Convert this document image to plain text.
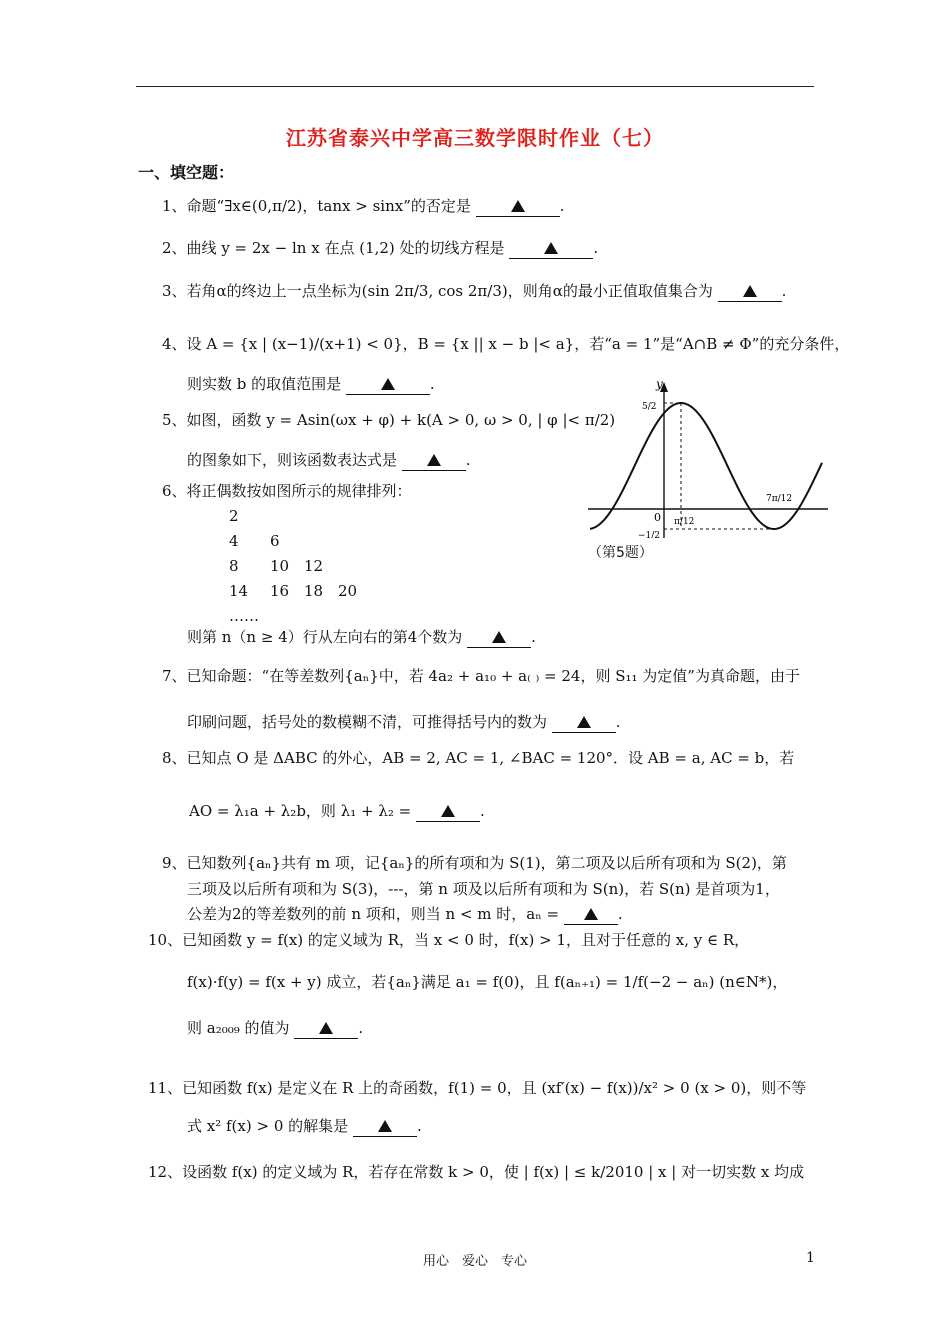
江苏省泰兴中学高三数学限时作业（七）
一、填空题：
1、命题“∃x∈(0,π/2)，tanx > sinx”的否定是	.
2、曲线 y = 2x − ln x 在点 (1,2) 处的切线方程是	.
3、若角α的终边上一点坐标为(sin 2π/3, cos 2π/3)，则角α的最小正值取值集合为	.
4、设 A = {x | (x−1)/(x+1) < 0}，B = {x || x − b |< a}，若“a = 1”是“A∩B ≠ Φ”的充分条件，
则实数 b 的取值范围是	.
5、如图，函数 y = Asin(ωx + φ) + k(A > 0, ω > 0, | φ |< π/2)
的图象如下，则该函数表达式是	.
y
0
5/2
−1/2
π/12
7π/12
（第5题）
6、将正偶数按如图所示的规律排列：
2
4 6
8 10 12
14 16 18 20
……
则第 n（n ≥ 4）行从左向右的第4个数为	.
7、已知命题：“在等差数列{aₙ}中，若 4a₂ + a₁₀ + a₍ ₎ = 24，则 S₁₁ 为定值”为真命题，由于
印刷问题，括号处的数模糊不清，可推得括号内的数为	.
8、已知点 O 是 ΔABC 的外心，AB = 2, AC = 1, ∠BAC = 120°．设 AB = a, AC = b，若
AO = λ₁a + λ₂b，则 λ₁ + λ₂ =	.
9、已知数列{aₙ}共有 m 项，记{aₙ}的所有项和为 S(1)，第二项及以后所有项和为 S(2)，第
三项及以后所有项和为 S(3)，---，第 n 项及以后所有项和为 S(n)，若 S(n) 是首项为1，
公差为2的等差数列的前 n 项和，则当 n < m 时，aₙ =	.
10、已知函数 y = f(x) 的定义域为 R，当 x < 0 时，f(x) > 1，且对于任意的 x, y ∈ R，
f(x)·f(y) = f(x + y) 成立，若{aₙ}满足 a₁ = f(0)，且 f(aₙ₊₁) = 1/f(−2 − aₙ) (n∈N*)，
则 a₂₀₀₉ 的值为	.
11、已知函数 f(x) 是定义在 R 上的奇函数，f(1) = 0，且 (xf′(x) − f(x))/x² > 0 (x > 0)，则不等
式 x² f(x) > 0 的解集是	.
12、设函数 f(x) 的定义域为 R，若存在常数 k > 0，使 | f(x) | ≤ k/2010 | x | 对一切实数 x 均成
用心　爱心　专心	1
